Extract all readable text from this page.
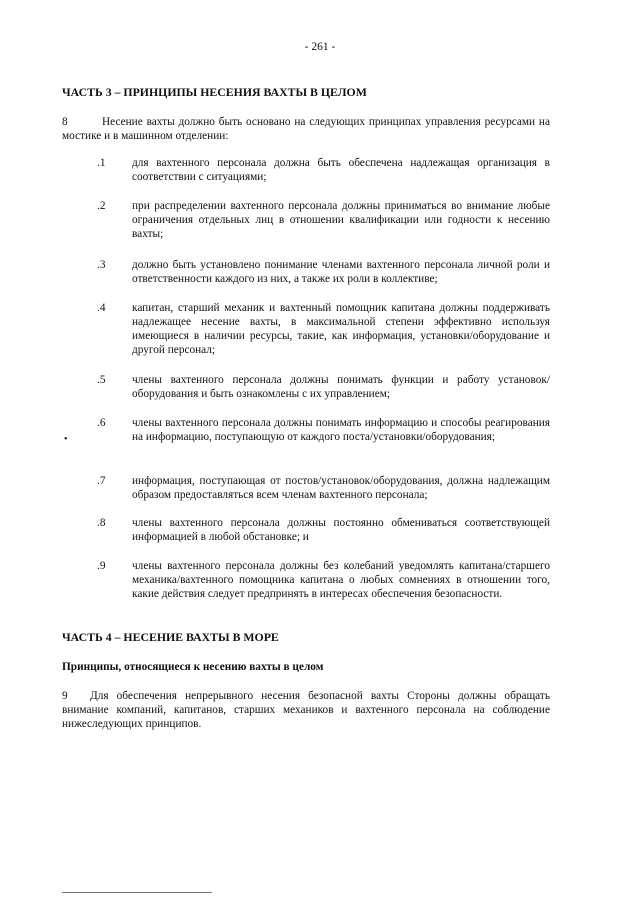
- 261 -
ЧАСТЬ 3 – ПРИНЦИПЫ НЕСЕНИЯ ВАХТЫ В ЦЕЛОМ
8	Несение вахты должно быть основано на следующих принципах управления ресурсами на мостике и в машинном отделении:
.1	для вахтенного персонала должна быть обеспечена надлежащая организация в соответствии с ситуациями;
.2	при распределении вахтенного персонала должны приниматься во внимание любые ограничения отдельных лиц в отношении квалификации или годности к несению вахты;
.3	должно быть установлено понимание членами вахтенного персонала личной роли и ответственности каждого из них, а также их роли в коллективе;
.4	капитан, старший механик и вахтенный помощник капитана должны поддерживать надлежащее несение вахты, в максимальной степени эффективно используя имеющиеся в наличии ресурсы, такие, как информация, установки/оборудование и другой персонал;
.5	члены вахтенного персонала должны понимать функции и работу установок/оборудования и быть ознакомлены с их управлением;
.6	члены вахтенного персонала должны понимать информацию и способы реагирования на информацию, поступающую от каждого поста/установки/оборудования;
•
.7	информация, поступающая от постов/установок/оборудования, должна надлежащим образом предоставляться всем членам вахтенного персонала;
.8	члены вахтенного персонала должны постоянно обмениваться соответствующей информацией в любой обстановке; и
.9	члены вахтенного персонала должны без колебаний уведомлять капитана/старшего механика/вахтенного помощника капитана о любых сомнениях в отношении того, какие действия следует предпринять в интересах обеспечения безопасности.
ЧАСТЬ 4 – НЕСЕНИЕ ВАХТЫ В МОРЕ
Принципы, относящиеся к несению вахты в целом
9 Для обеспечения непрерывного несения безопасной вахты Стороны должны обращать внимание компаний, капитанов, старших механиков и вахтенного персонала на соблюдение нижеследующих принципов.
